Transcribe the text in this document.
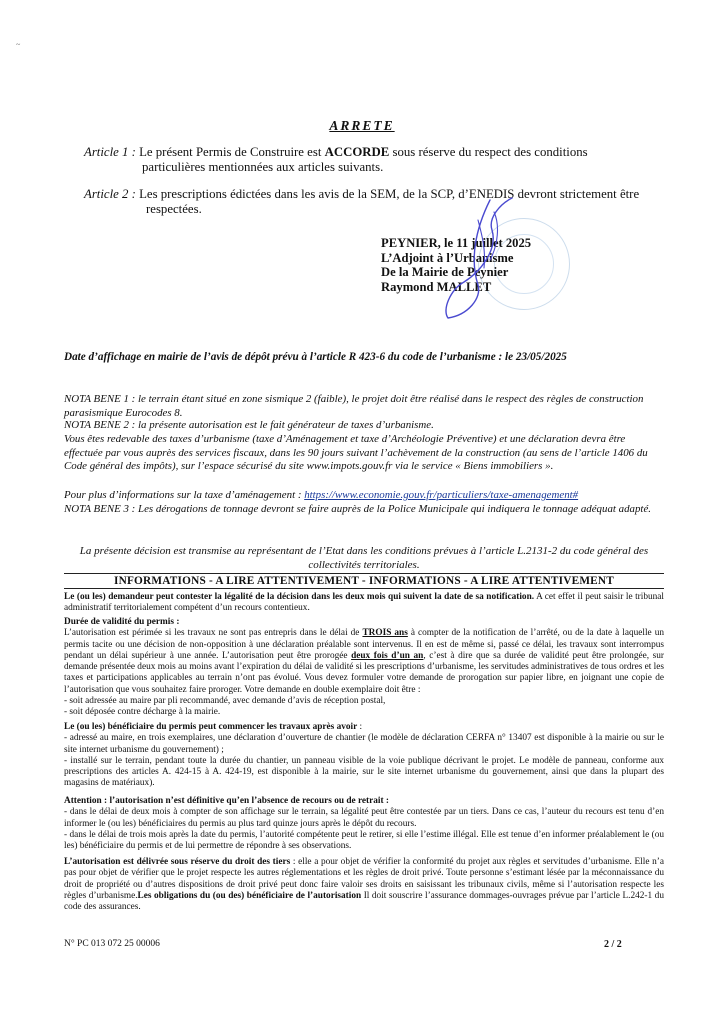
~
ARRETE
Article 1 : Le présent Permis de Construire est ACCORDE sous réserve du respect des conditions
particulières mentionnées aux articles suivants.
Article 2 : Les prescriptions édictées dans les avis de la SEM, de la SCP, d’ENEDIS devront strictement être
respectées.
PEYNIER, le 11 juillet 2025
L’Adjoint à l’Urbanisme
De la Mairie de Peynier
Raymond MALLET
Date d’affichage en mairie de l’avis de dépôt prévu à l’article R 423-6 du code de l’urbanisme : le 23/05/2025
NOTA BENE 1 : le terrain étant situé en zone sismique 2 (faible), le projet doit être réalisé dans le respect des règles de construction parasismique Eurocodes 8.
NOTA BENE 2 : la présente autorisation est le fait générateur de taxes d’urbanisme.
Vous êtes redevable des taxes d’urbanisme (taxe d’Aménagement et taxe d’Archéologie Préventive) et une déclaration devra être effectuée par vous auprès des services fiscaux, dans les 90 jours suivant l’achèvement de la construction (au sens de l’article 1406 du Code général des impôts), sur l’espace sécurisé du site www.impots.gouv.fr via le service « Biens immobiliers ».
Pour plus d’informations sur la taxe d’aménagement : https://www.economie.gouv.fr/particuliers/taxe-amenagement#
NOTA BENE 3 : Les dérogations de tonnage devront se faire auprès de la Police Municipale qui indiquera le tonnage adéquat adapté.
La présente décision est transmise au représentant de l’Etat dans les conditions prévues à l’article L.2131-2 du code général des collectivités territoriales.
INFORMATIONS - A LIRE ATTENTIVEMENT - INFORMATIONS - A LIRE ATTENTIVEMENT
Le (ou les) demandeur peut contester la légalité de la décision dans les deux mois qui suivent la date de sa notification. A cet effet il peut saisir le tribunal administratif territorialement compétent d’un recours contentieux.
Durée de validité du permis :
L’autorisation est périmée si les travaux ne sont pas entrepris dans le délai de TROIS ans à compter de la notification de l’arrêté, ou de la date à laquelle un permis tacite ou une décision de non-opposition à une déclaration préalable sont intervenus. Il en est de même si, passé ce délai, les travaux sont interrompus pendant un délai supérieur à une année. L’autorisation peut être prorogée deux fois d’un an, c’est à dire que sa durée de validité peut être prolongée, sur demande présentée deux mois au moins avant l’expiration du délai de validité si les prescriptions d’urbanisme, les servitudes administratives de tous ordres et les taxes et participations applicables au terrain n’ont pas évolué. Vous devez formuler votre demande de prorogation sur papier libre, en joignant une copie de l’autorisation que vous souhaitez faire proroger. Votre demande en double exemplaire doit être :
- soit adressée au maire par pli recommandé, avec demande d’avis de réception postal,
- soit déposée contre décharge à la mairie.
Le (ou les) bénéficiaire du permis peut commencer les travaux après avoir :
- adressé au maire, en trois exemplaires, une déclaration d’ouverture de chantier (le modèle de déclaration CERFA n° 13407 est disponible à la mairie ou sur le site internet urbanisme du gouvernement) ;
- installé sur le terrain, pendant toute la durée du chantier, un panneau visible de la voie publique décrivant le projet. Le modèle de panneau, conforme aux prescriptions des articles A. 424-15 à A. 424-19, est disponible à la mairie, sur le site internet urbanisme du gouvernement, ainsi que dans la plupart des magasins de matériaux).
Attention : l’autorisation n’est définitive qu’en l’absence de recours ou de retrait :
- dans le délai de deux mois à compter de son affichage sur le terrain, sa légalité peut être contestée par un tiers. Dans ce cas, l’auteur du recours est tenu d’en informer le (ou les) bénéficiaires du permis au plus tard quinze jours après le dépôt du recours.
- dans le délai de trois mois après la date du permis, l’autorité compétente peut le retirer, si elle l’estime illégal. Elle est tenue d’en informer préalablement le (ou les) bénéficiaire du permis et de lui permettre de répondre à ses observations.
L’autorisation est délivrée sous réserve du droit des tiers : elle a pour objet de vérifier la conformité du projet aux règles et servitudes d’urbanisme. Elle n’a pas pour objet de vérifier que le projet respecte les autres réglementations et les règles de droit privé. Toute personne s’estimant lésée par la méconnaissance du droit de propriété ou d’autres dispositions de droit privé peut donc faire valoir ses droits en saisissant les tribunaux civils, même si l’autorisation respecte les règles d’urbanisme.Les obligations du (ou des) bénéficiaire de l’autorisation Il doit souscrire l’assurance dommages-ouvrages prévue par l’article L.242-1 du code des assurances.
N° PC 013 072 25 00006	2 / 2
